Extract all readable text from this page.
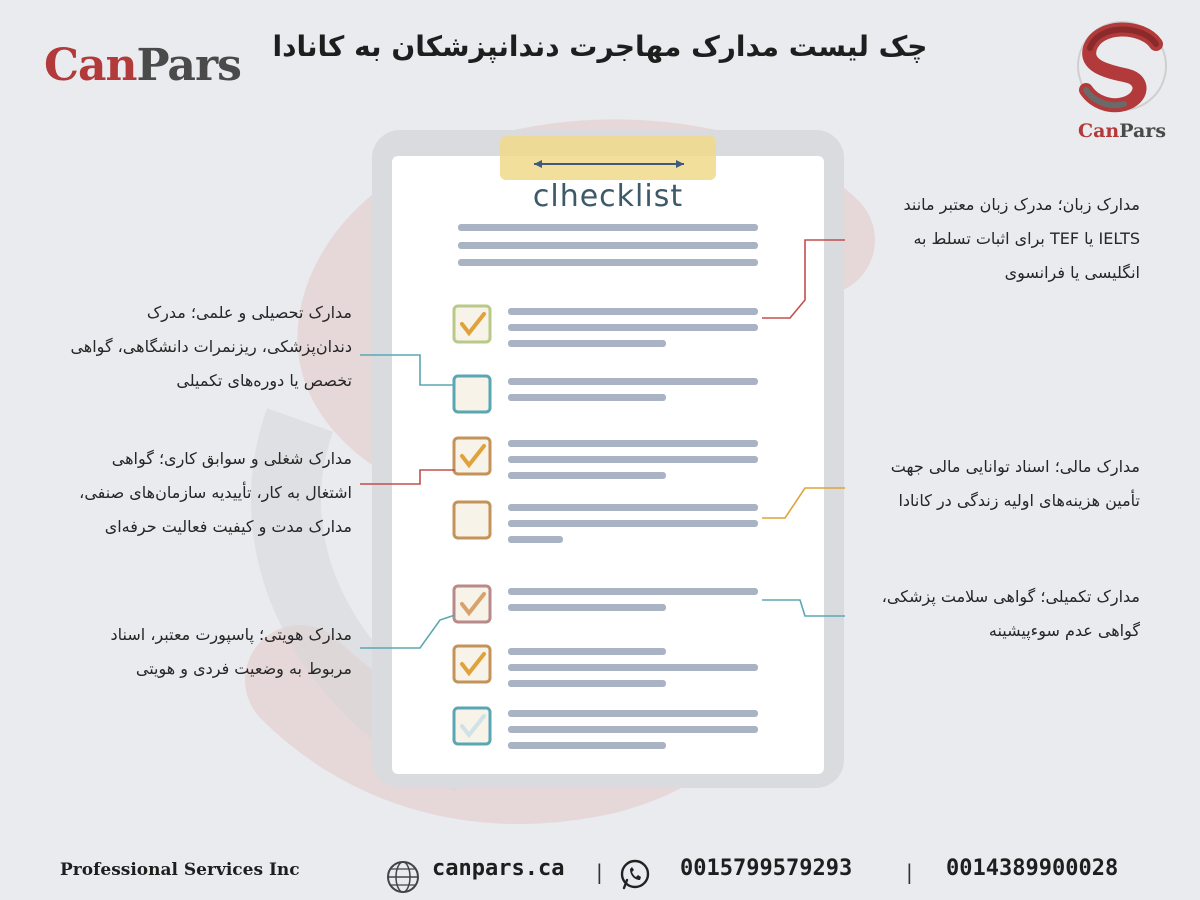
CanPars	چک لیست مدارک مهاجرت دندانپزشکان به کانادا
CanPars
clhecklist
مدارک تحصیلی و علمی؛ مدرک
دندان‌پزشکی، ریزنمرات دانشگاهی، گواهی
تخصص یا دوره‌های تکمیلی
مدارک شغلی و سوابق کاری؛ گواهی
اشتغال به کار، تأییدیه سازمان‌های صنفی،
مدارک مدت و کیفیت فعالیت حرفه‌ای
مدارک هویتی؛ پاسپورت معتبر، اسناد
مربوط به وضعیت فردی و هویتی
مدارک زبان؛ مدرک زبان معتبر مانند
IELTS یا TEF برای اثبات تسلط به
انگلیسی یا فرانسوی
مدارک مالی؛ اسناد توانایی مالی جهت
تأمین هزینه‌های اولیه زندگی در کانادا
مدارک تکمیلی؛ گواهی سلامت پزشکی،
گواهی عدم سوءپیشینه
Professional Services Inc	canpars.ca |	0015799579293	| 0014389900028
